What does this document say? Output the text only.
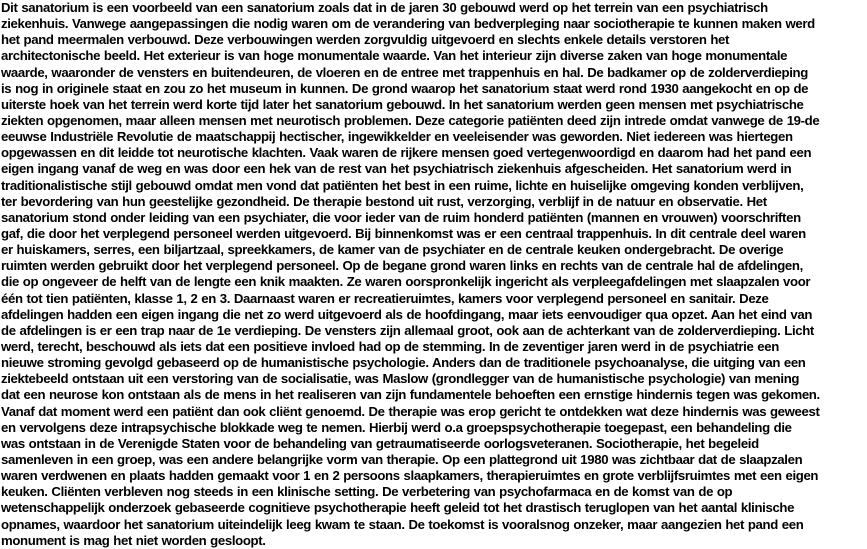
Dit sanatorium is een voorbeeld van een sanatorium zoals dat in de jaren 30 gebouwd werd op het terrein van een psychiatrisch
ziekenhuis. Vanwege aangepassingen die nodig waren om de verandering van bedverpleging naar sociotherapie te kunnen maken werd
het pand meermalen verbouwd. Deze verbouwingen werden zorgvuldig uitgevoerd en slechts enkele details verstoren het
architectonische beeld. Het exterieur is van hoge monumentale waarde. Van het interieur zijn diverse zaken van hoge monumentale
waarde, waaronder de vensters en buitendeuren, de vloeren en de entree met trappenhuis en hal. De badkamer op de zolderverdieping
is nog in originele staat en zou zo het museum in kunnen. De grond waarop het sanatorium staat werd rond 1930 aangekocht en op de
uiterste hoek van het terrein werd korte tijd later het sanatorium gebouwd. In het sanatorium werden geen mensen met psychiatrische
ziekten opgenomen, maar alleen mensen met neurotisch problemen. Deze categorie patiënten deed zijn intrede omdat vanwege de 19-de
eeuwse Industriële Revolutie de maatschappij hectischer, ingewikkelder en veeleisender was geworden. Niet iedereen was hiertegen
opgewassen en dit leidde tot neurotische klachten. Vaak waren de rijkere mensen goed vertegenwoordigd en daarom had het pand een
eigen ingang vanaf de weg en was door een hek van de rest van het psychiatrisch ziekenhuis afgescheiden. Het sanatorium werd in
traditionalistische stijl gebouwd omdat men vond dat patiënten het best in een ruime, lichte en huiselijke omgeving konden verblijven,
ter bevordering van hun geestelijke gezondheid. De therapie bestond uit rust, verzorging, verblijf in de natuur en observatie. Het
sanatorium stond onder leiding van een psychiater, die voor ieder van de ruim honderd patiënten (mannen en vrouwen) voorschriften
gaf, die door het verplegend personeel werden uitgevoerd. Bij binnenkomst was er een centraal trappenhuis. In dit centrale deel waren
er huiskamers, serres, een biljartzaal, spreekkamers, de kamer van de psychiater en de centrale keuken ondergebracht. De overige
ruimten werden gebruikt door het verplegend personeel. Op de begane grond waren links en rechts van de centrale hal de afdelingen,
die op ongeveer de helft van de lengte een knik maakten. Ze waren oorspronkelijk ingericht als verpleegafdelingen met slaapzalen voor
één tot tien patiënten, klasse 1, 2 en 3. Daarnaast waren er recreatieruimtes, kamers voor verplegend personeel en sanitair. Deze
afdelingen hadden een eigen ingang die net zo werd uitgevoerd als de hoofdingang, maar iets eenvoudiger qua opzet. Aan het eind van
de afdelingen is er een trap naar de 1e verdieping. De vensters zijn allemaal groot, ook aan de achterkant van de zolderverdieping. Licht
werd, terecht, beschouwd als iets dat een positieve invloed had op de stemming. In de zeventiger jaren werd in de psychiatrie een
nieuwe stroming gevolgd gebaseerd op de humanistische psychologie. Anders dan de traditionele psychoanalyse, die uitging van een
ziektebeeld ontstaan uit een verstoring van de socialisatie, was Maslow (grondlegger van de humanistische psychologie) van mening
dat een neurose kon ontstaan als de mens in het realiseren van zijn fundamentele behoeften een ernstige hindernis tegen was gekomen.
Vanaf dat moment werd een patiënt dan ook cliënt genoemd. De therapie was erop gericht te ontdekken wat deze hindernis was geweest
en vervolgens deze intrapsychische blokkade weg te nemen. Hierbij werd o.a groepspsychotherapie toegepast, een behandeling die
was ontstaan in de Verenigde Staten voor de behandeling van getraumatiseerde oorlogsveteranen. Sociotherapie, het begeleid
samenleven in een groep, was een andere belangrijke vorm van therapie. Op een plattegrond uit 1980 was zichtbaar dat de slaapzalen
waren verdwenen en plaats hadden gemaakt voor 1 en 2 persoons slaapkamers, therapieruimtes en grote verblijfsruimtes met een eigen
keuken. Cliënten verbleven nog steeds in een klinische setting. De verbetering van psychofarmaca en de komst van de op
wetenschappelijk onderzoek gebaseerde cognitieve psychotherapie heeft geleid tot het drastisch teruglopen van het aantal klinische
opnames, waardoor het sanatorium uiteindelijk leeg kwam te staan. De toekomst is vooralsnog onzeker, maar aangezien het pand een
monument is mag het niet worden gesloopt.
